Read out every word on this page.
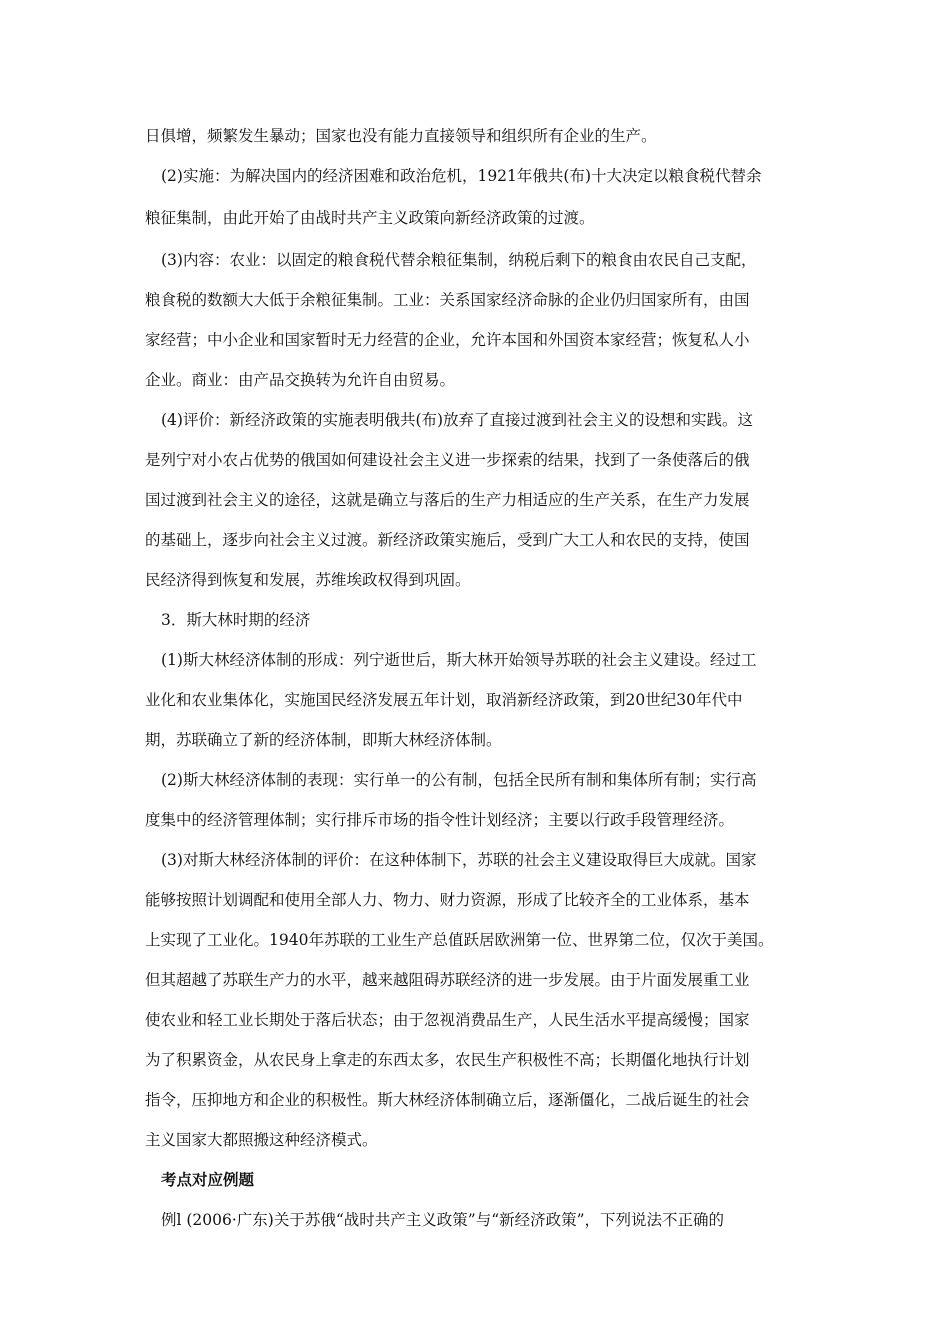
日俱增，频繁发生暴动；国家也没有能力直接领导和组织所有企业的生产。
(2)实施：为解决国内的经济困难和政治危机，1921年俄共(布)十大决定以粮食税代替余
粮征集制，由此开始了由战时共产主义政策向新经济政策的过渡。
(3)内容：农业：以固定的粮食税代替余粮征集制，纳税后剩下的粮食由农民自己支配，
粮食税的数额大大低于余粮征集制。工业：关系国家经济命脉的企业仍归国家所有，由国
家经营；中小企业和国家暂时无力经营的企业，允许本国和外国资本家经营；恢复私人小
企业。商业：由产品交换转为允许自由贸易。
(4)评价：新经济政策的实施表明俄共(布)放弃了直接过渡到社会主义的设想和实践。这
是列宁对小农占优势的俄国如何建设社会主义进一步探索的结果，找到了一条使落后的俄
国过渡到社会主义的途径，这就是确立与落后的生产力相适应的生产关系，在生产力发展
的基础上，逐步向社会主义过渡。新经济政策实施后，受到广大工人和农民的支持，使国
民经济得到恢复和发展，苏维埃政权得到巩固。
3．斯大林时期的经济
(1)斯大林经济体制的形成：列宁逝世后，斯大林开始领导苏联的社会主义建设。经过工
业化和农业集体化，实施国民经济发展五年计划，取消新经济政策，到20世纪30年代中
期，苏联确立了新的经济体制，即斯大林经济体制。
(2)斯大林经济体制的表现：实行单一的公有制，包括全民所有制和集体所有制；实行高
度集中的经济管理体制；实行排斥市场的指令性计划经济；主要以行政手段管理经济。
(3)对斯大林经济体制的评价：在这种体制下，苏联的社会主义建设取得巨大成就。国家
能够按照计划调配和使用全部人力、物力、财力资源，形成了比较齐全的工业体系，基本
上实现了工业化。1940年苏联的工业生产总值跃居欧洲第一位、世界第二位，仅次于美国。
但其超越了苏联生产力的水平，越来越阻碍苏联经济的进一步发展。由于片面发展重工业
使农业和轻工业长期处于落后状态；由于忽视消费品生产，人民生活水平提高缓慢；国家
为了积累资金，从农民身上拿走的东西太多，农民生产积极性不高；长期僵化地执行计划
指令，压抑地方和企业的积极性。斯大林经济体制确立后，逐渐僵化，二战后诞生的社会
主义国家大都照搬这种经济模式。
考点对应例题
例l (2006·广东)关于苏俄“战时共产主义政策”与“新经济政策”，下列说法不正确的
